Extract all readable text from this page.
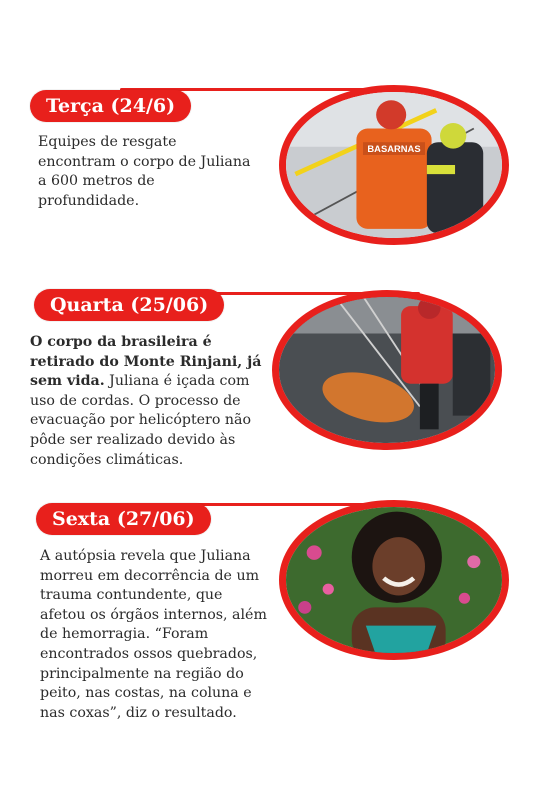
Terça (24/6)
Equipes de resgate encontram o corpo de Juliana a 600 metros de profundidade.
BASARNAS
Quarta (25/06)
O corpo da brasileira é retirado do Monte Rinjani, já sem vida. Juliana é içada com uso de cordas. O processo de evacuação por helicóptero não pôde ser realizado devido às condições climáticas.
Sexta (27/06)
A autópsia revela que Juliana morreu em decorrência de um trauma contundente, que afetou os órgãos internos, além de hemorragia. “Foram encontrados ossos quebrados, principalmente na região do peito, nas costas, na coluna e nas coxas”, diz o resultado.
